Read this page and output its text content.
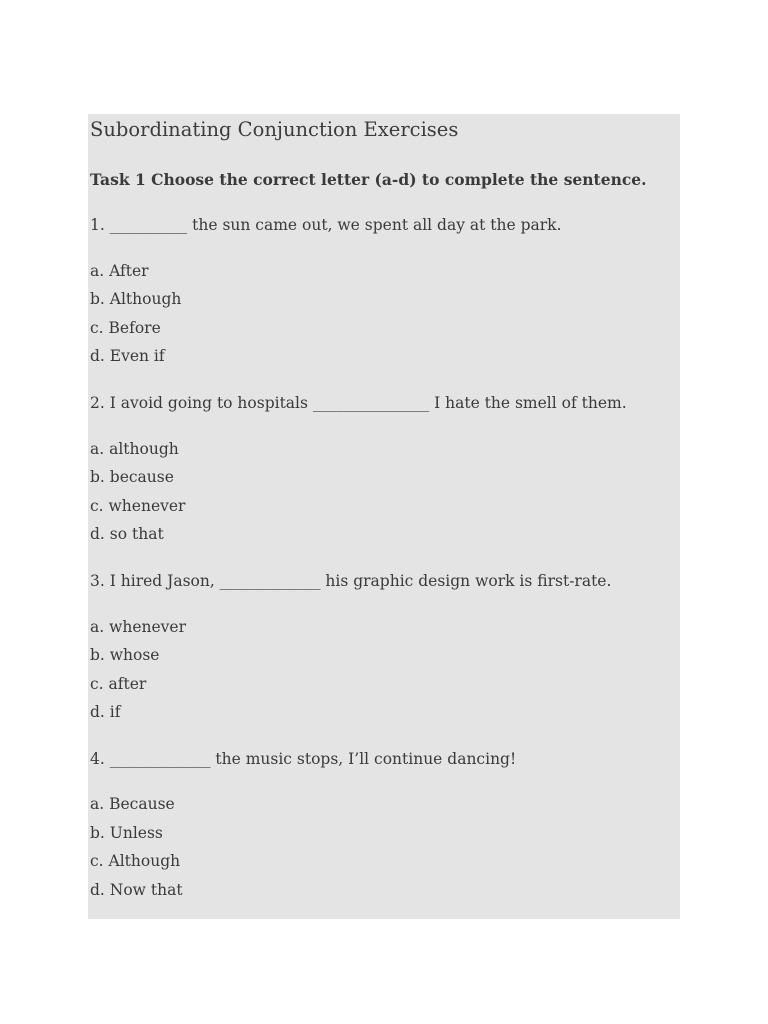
Subordinating Conjunction Exercises

Task 1 Choose the correct letter (a-d) to complete the sentence.

1. __________ the sun came out, we spent all day at the park.

a. After

b. Although

c. Before

d. Even if

2. I avoid going to hospitals _______________ I hate the smell of them.

a. although

b. because

c. whenever

d. so that

3. I hired Jason, _____________ his graphic design work is first-rate.

a. whenever

b. whose

c. after

d. if

4. _____________ the music stops, I’ll continue dancing!

a. Because

b. Unless

c. Although

d. Now that
